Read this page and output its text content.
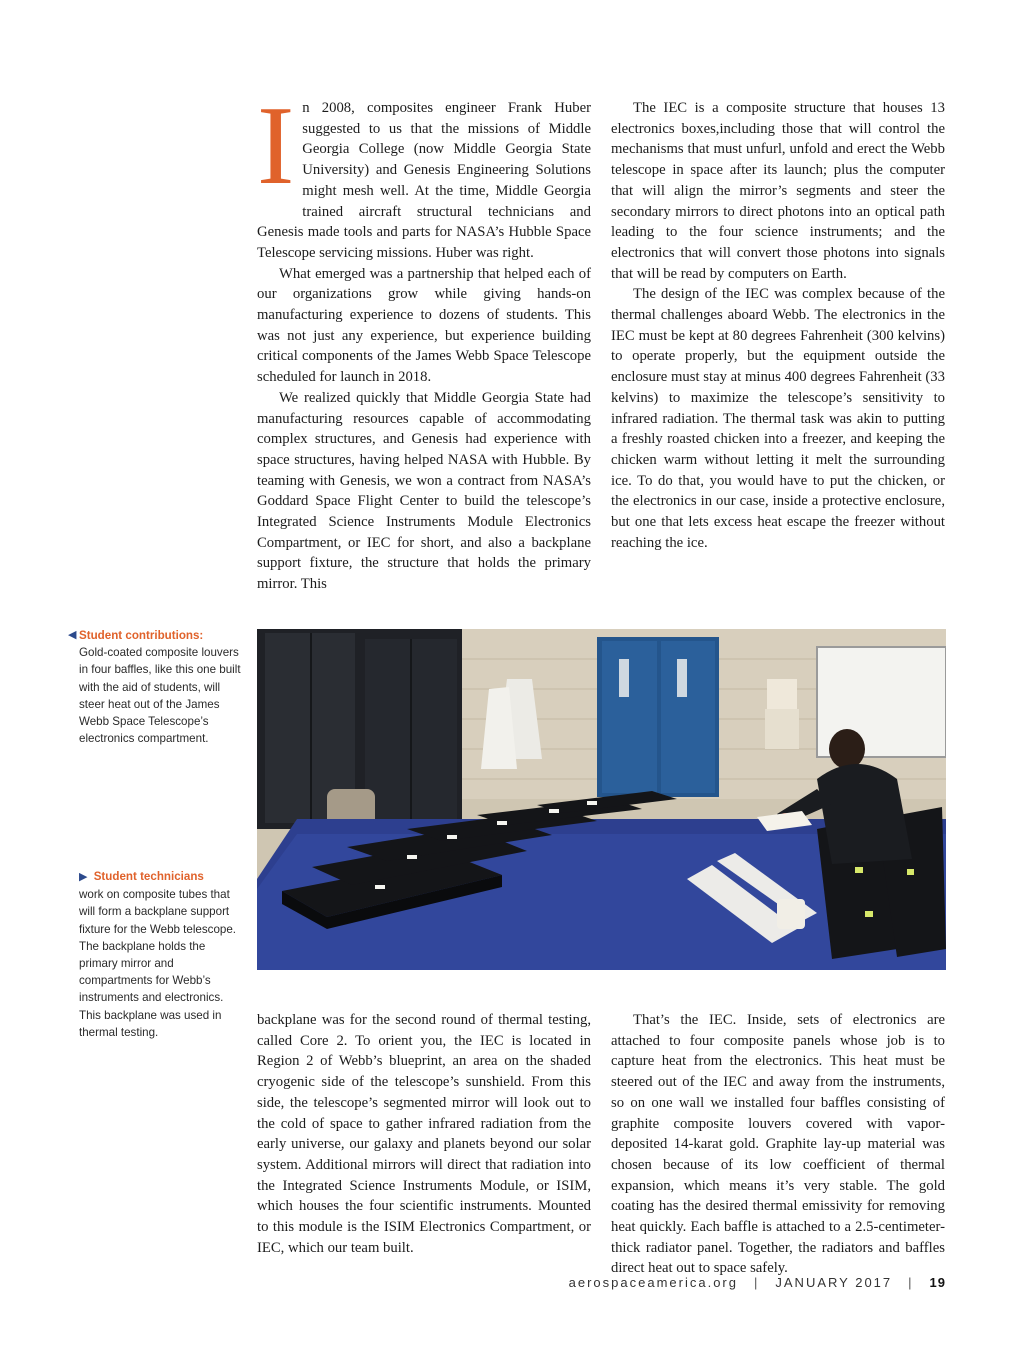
In 2008, composites engineer Frank Huber suggested to us that the missions of Middle Georgia College (now Middle Georgia State University) and Genesis Engineering Solutions might mesh well. At the time, Middle Georgia trained aircraft structural technicians and Genesis made tools and parts for NASA’s Hubble Space Telescope servicing missions. Huber was right.

What emerged was a partnership that helped each of our organizations grow while giving hands-on manufacturing experience to dozens of students. This was not just any experience, but experience building critical components of the James Webb Space Telescope scheduled for launch in 2018.

We realized quickly that Middle Georgia State had manufacturing resources capable of accommodating complex structures, and Genesis had experience with space structures, having helped NASA with Hubble. By teaming with Genesis, we won a contract from NASA’s Goddard Space Flight Center to build the telescope’s Integrated Science Instruments Module Electronics Compartment, or IEC for short, and also a backplane support fixture, the structure that holds the primary mirror. This

The IEC is a composite structure that houses 13 electronics boxes,including those that will control the mechanisms that must unfurl, unfold and erect the Webb telescope in space after its launch; plus the computer that will align the mirror’s segments and steer the secondary mirrors to direct photons into an optical path leading to the four science instruments; and the electronics that will convert those photons into signals that will be read by computers on Earth.

The design of the IEC was complex because of the thermal challenges aboard Webb. The electronics in the IEC must be kept at 80 degrees Fahrenheit (300 kelvins) to operate properly, but the equipment outside the enclosure must stay at minus 400 degrees Fahrenheit (33 kelvins) to maximize the telescope’s sensitivity to infrared radiation. The thermal task was akin to putting a freshly roasted chicken into a freezer, and keeping the chicken warm without letting it melt the surrounding ice. To do that, you would have to put the chicken, or the electronics in our case, inside a protective enclosure, but one that lets excess heat escape the freezer without reaching the ice.

◀ Student contributions:
Gold-coated composite louvers in four baffles, like this one built with the aid of students, will steer heat out of the James Webb Space Telescope’s electronics compartment.
▶ Student technicians
work on composite tubes that will form a backplane support fixture for the Webb telescope. The backplane holds the primary mirror and compartments for Webb’s instruments and electronics. This backplane was used in thermal testing.

backplane was for the second round of thermal testing, called Core 2. To orient you, the IEC is located in Region 2 of Webb’s blueprint, an area on the shaded cryogenic side of the telescope’s sunshield. From this side, the telescope’s segmented mirror will look out to the cold of space to gather infrared radiation from the early universe, our galaxy and planets beyond our solar system. Additional mirrors will direct that radiation into the Integrated Science Instruments Module, or ISIM, which houses the four scientific instruments. Mounted to this module is the ISIM Electronics Compartment, or IEC, which our team built.

That’s the IEC. Inside, sets of electronics are attached to four composite panels whose job is to capture heat from the electronics. This heat must be steered out of the IEC and away from the instruments, so on one wall we installed four baffles consisting of graphite composite louvers covered with vapor-deposited 14-karat gold. Graphite lay-up material was chosen because of its low coefficient of thermal expansion, which means it’s very stable. The gold coating has the desired thermal emissivity for removing heat quickly. Each baffle is attached to a 2.5-centimeter-thick radiator panel. Together, the radiators and baffles direct heat out to space safely.

aerospaceamerica.org | JANUARY 2017 | 19
